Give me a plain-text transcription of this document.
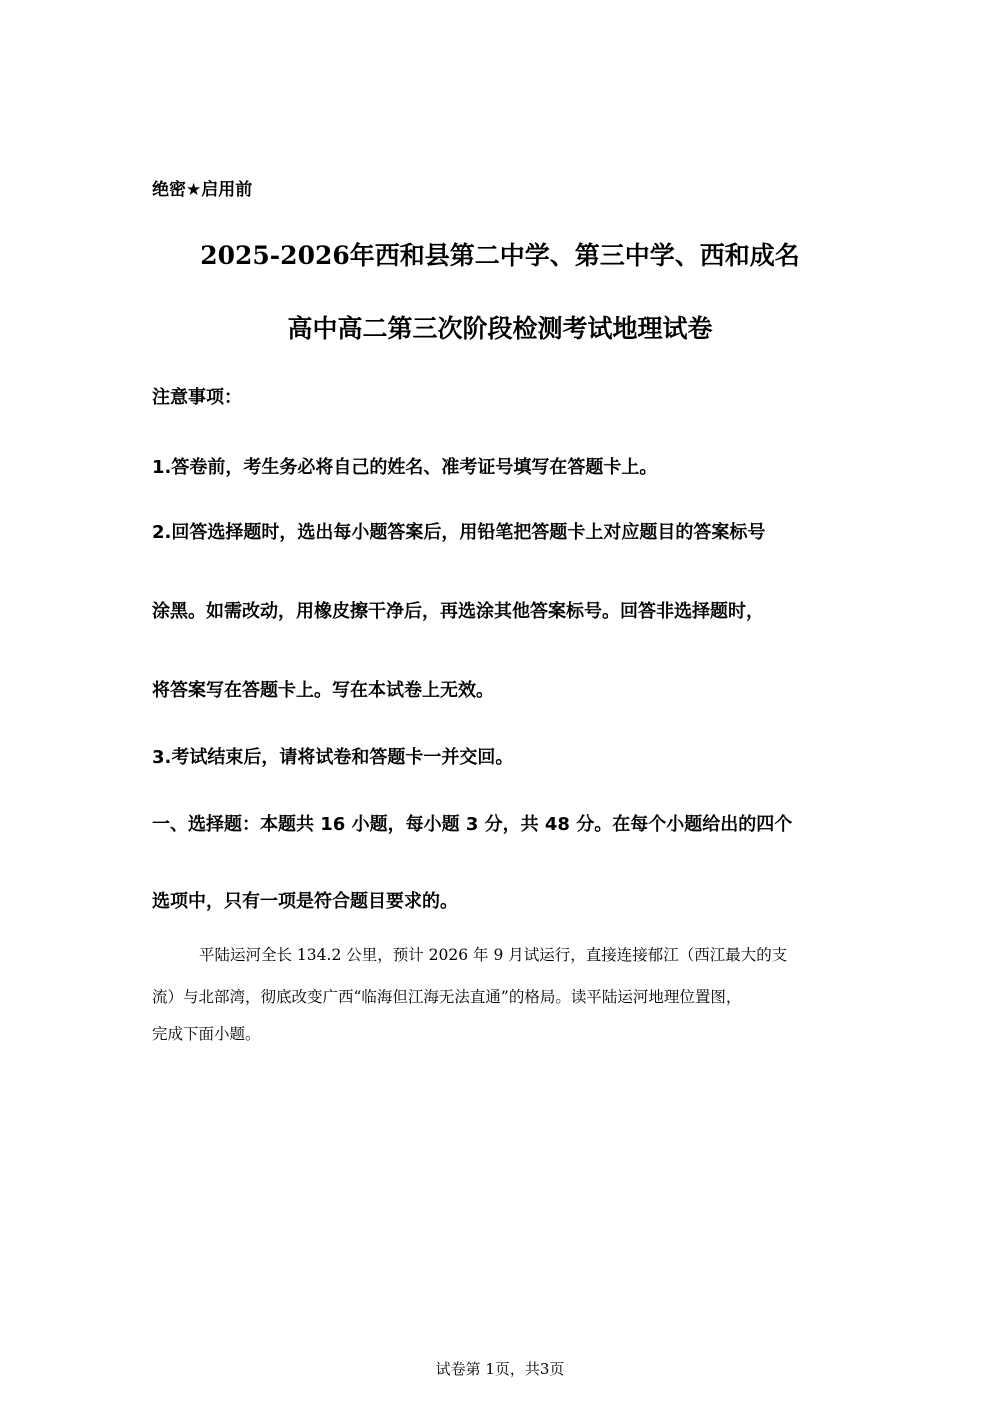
绝密★启用前
2025-2026年西和县第二中学、第三中学、西和成名
高中高二第三次阶段检测考试地理试卷
注意事项：
1.答卷前，考生务必将自己的姓名、准考证号填写在答题卡上。
2.回答选择题时，选出每小题答案后，用铅笔把答题卡上对应题目的答案标号
涂黑。如需改动，用橡皮擦干净后，再选涂其他答案标号。回答非选择题时，
将答案写在答题卡上。写在本试卷上无效。
3.考试结束后，请将试卷和答题卡一并交回。
一、选择题：本题共 16 小题，每小题 3 分，共 48 分。在每个小题给出的四个
选项中，只有一项是符合题目要求的。
平陆运河全长 134.2 公里，预计 2026 年 9 月试运行，直接连接郁江（西江最大的支
流）与北部湾，彻底改变广西“临海但江海无法直通”的格局。读平陆运河地理位置图，
完成下面小题。
试卷第 1页，共3页
